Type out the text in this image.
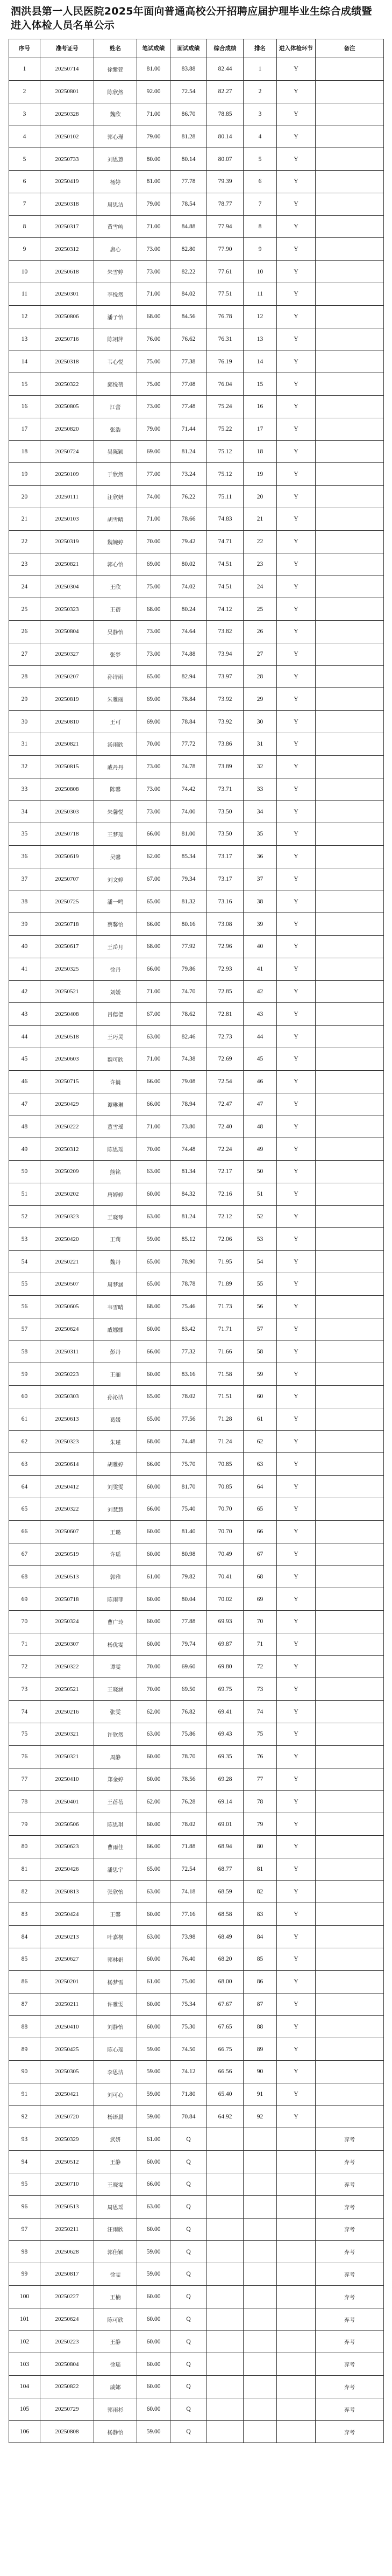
泗洪县第一人民医院2025年面向普通高校公开招聘应届护理毕业生综合成绩暨进入体检人员名单公示
序号	准考证号	姓名	笔试成绩	面试成绩	综合成绩	排名	进入体检环节	备注
1	20250714	徐紫萱	81.00	83.88	82.44	1	Y	
2	20250801	陈欣然	92.00	72.54	82.27	2	Y	
3	20250328	魏欣	71.00	86.70	78.85	3	Y	
4	20250102	郭心瑾	79.00	81.28	80.14	4	Y	
5	20250733	刘思蒽	80.00	80.14	80.07	5	Y	
6	20250419	杨婷	81.00	77.78	79.39	6	Y	
7	20250318	周思洁	79.00	78.54	78.77	7	Y	
8	20250317	黄雪屿	71.00	84.88	77.94	8	Y	
9	20250312	唐心	73.00	82.80	77.90	9	Y	
10	20250618	朱雪婷	73.00	82.22	77.61	10	Y	
11	20250301	李悦然	71.00	84.02	77.51	11	Y	
12	20250806	潘子怡	68.00	84.56	76.78	12	Y	
13	20250716	陈翊萍	76.00	76.62	76.31	13	Y	
14	20250318	韦心悦	75.00	77.38	76.19	14	Y	
15	20250322	邱悦蓓	75.00	77.08	76.04	15	Y	
16	20250805	江蕾	73.00	77.48	75.24	16	Y	
17	20250820	张浩	79.00	71.44	75.22	17	Y	
18	20250724	吴陈颖	69.00	81.24	75.12	18	Y	
19	20250109	于欣然	77.00	73.24	75.12	19	Y	
20	20250111	汪欣妍	74.00	76.22	75.11	20	Y	
21	20250103	胡雪晴	71.00	78.66	74.83	21	Y	
22	20250319	魏婉婷	70.00	79.42	74.71	22	Y	
23	20250821	郭心怡	69.00	80.02	74.51	23	Y	
24	20250304	王欣	75.00	74.02	74.51	24	Y	
25	20250323	王蓓	68.00	80.24	74.12	25	Y	
26	20250804	吴静怡	73.00	74.64	73.82	26	Y	
27	20250327	张梦	73.00	74.88	73.94	27	Y	
28	20250207	孙诗雨	65.00	82.94	73.97	28	Y	
29	20250819	朱雅丽	69.00	78.84	73.92	29	Y	
30	20250810	王可	69.00	78.84	73.92	30	Y	
31	20250821	汤雨欣	70.00	77.72	73.86	31	Y	
32	20250815	戚丹丹	73.00	74.78	73.89	32	Y	
33	20250808	陈馨	73.00	74.42	73.71	33	Y	
34	20250303	朱馨悦	73.00	74.00	73.50	34	Y	
35	20250718	王梦瑶	66.00	81.00	73.50	35	Y	
36	20250619	吴馨	62.00	85.34	73.17	36	Y	
37	20250707	刘文婷	67.00	79.34	73.17	37	Y	
38	20250725	潘一鸣	65.00	81.32	73.16	38	Y	
39	20250718	蔡馨怡	66.00	80.16	73.08	39	Y	
40	20250617	王岳月	68.00	77.92	72.96	40	Y	
41	20250325	徐丹	66.00	79.86	72.93	41	Y	
42	20250521	刘嫒	71.00	74.70	72.85	42	Y	
43	20250408	吕偲偲	67.00	78.62	72.81	43	Y	
44	20250518	王巧灵	63.00	82.46	72.73	44	Y	
45	20250603	魏可欣	71.00	74.38	72.69	45	Y	
46	20250715	许巍	66.00	79.08	72.54	46	Y	
47	20250429	谭琳琳	66.00	78.94	72.47	47	Y	
48	20250222	董雪瑶	71.00	73.80	72.40	48	Y	
49	20250312	陈思瑶	70.00	74.48	72.24	49	Y	
50	20250209	熊铭	63.00	81.34	72.17	50	Y	
51	20250202	唐婷婷	60.00	84.32	72.16	51	Y	
52	20250323	王晓琴	63.00	81.24	72.12	52	Y	
53	20250420	王莉	59.00	85.12	72.06	53	Y	
54	20250221	魏丹	65.00	78.90	71.95	54	Y	
55	20250507	周梦涵	65.00	78.78	71.89	55	Y	
56	20250605	韦雪晴	68.00	75.46	71.73	56	Y	
57	20250624	戚娜娜	60.00	83.42	71.71	57	Y	
58	20250311	彭丹	66.00	77.32	71.66	58	Y	
59	20250223	王丽	60.00	83.16	71.58	59	Y	
60	20250303	孙沁洁	65.00	78.02	71.51	60	Y	
61	20250613	葛媛	65.00	77.56	71.28	61	Y	
62	20250323	朱瑾	68.00	74.48	71.24	62	Y	
63	20250614	胡雅婷	66.00	75.70	70.85	63	Y	
64	20250412	刘雯雯	60.00	81.70	70.85	64	Y	
65	20250322	刘慧慧	66.00	75.40	70.70	65	Y	
66	20250607	王璐	60.00	81.40	70.70	66	Y	
67	20250519	许瑶	60.00	80.98	70.49	67	Y	
68	20250513	郭雅	61.00	79.82	70.41	68	Y	
69	20250718	陈雨菲	60.00	80.04	70.02	69	Y	
70	20250324	曹广玲	60.00	77.88	69.93	70	Y	
71	20250307	杨优雯	60.00	79.74	69.87	71	Y	
72	20250322	谭雯	70.00	69.60	69.80	72	Y	
73	20250521	王晓涵	70.00	69.50	69.75	73	Y	
74	20250216	张雯	62.00	76.82	69.41	74	Y	
75	20250321	许欣然	63.00	75.86	69.43	75	Y	
76	20250321	周静	60.00	78.70	69.35	76	Y	
77	20250410	郑金婷	60.00	78.56	69.28	77	Y	
78	20250401	王蓓蓓	62.00	76.28	69.14	78	Y	
79	20250506	陈思琪	60.00	78.02	69.01	79	Y	
80	20250623	曹雨佳	66.00	71.88	68.94	80	Y	
81	20250426	潘思宇	65.00	72.54	68.77	81	Y	
82	20250813	张欣怡	63.00	74.18	68.59	82	Y	
83	20250424	王馨	60.00	77.16	68.58	83	Y	
84	20250213	叶嘉桐	63.00	73.98	68.49	84	Y	
85	20250627	郭林娟	60.00	76.40	68.20	85	Y	
86	20250201	杨梦雪	61.00	75.00	68.00	86	Y	
87	20250211	许雅雯	60.00	75.34	67.67	87	Y	
88	20250410	刘静怡	60.00	75.30	67.65	88	Y	
89	20250425	陈心瑶	59.00	74.50	66.75	89	Y	
90	20250305	李思洁	59.00	74.12	66.56	90	Y	
91	20250421	刘可心	59.00	71.80	65.40	91	Y	
92	20250720	杨语晨	59.00	70.84	64.92	92	Y	
93	20250329	武妍	61.00	Q				弃考
94	20250512	王静	60.00	Q				弃考
95	20250710	王晓雯	66.00	Q				弃考
96	20250513	周思瑶	63.00	Q				弃考
97	20250211	汪雨欣	60.00	Q				弃考
98	20250628	郭佳颖	59.00	Q				弃考
99	20250817	徐雯	59.00	Q				弃考
100	20250227	王楠	60.00	Q				弃考
101	20250624	陈可欣	60.00	Q				弃考
102	20250223	王静	60.00	Q				弃考
103	20250804	徐瑶	60.00	Q				弃考
104	20250822	戚娜	60.00	Q				弃考
105	20250729	郭雨杉	60.00	Q				弃考
106	20250808	杨静怡	59.00	Q				弃考
